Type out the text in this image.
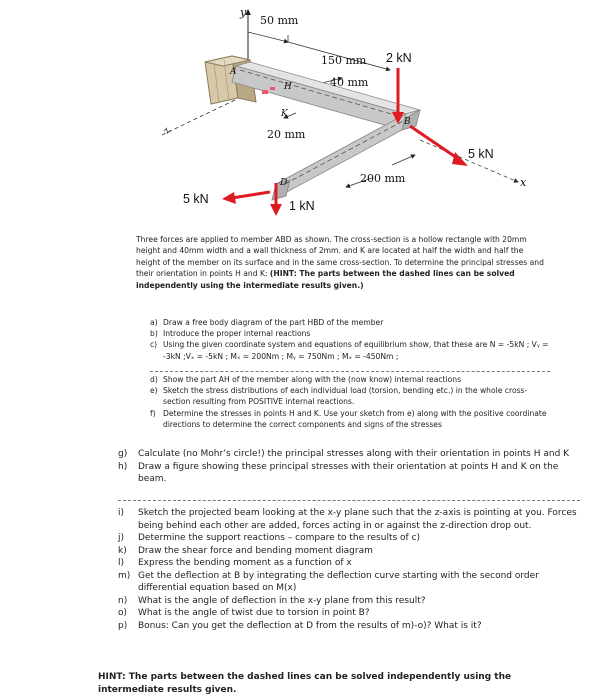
y
50 mm
150 mm
40 mm
20 mm
200 mm
A
H
K
B
D
z
x
2 kN
5 kN
5 kN	1 kN
Three forces are applied to member ABD as shown. The cross-section is a hollow rectangle with 20mm height and 40mm width and a wall thickness of 2mm. and K are located at half the width and half the height of the member on its surface and in the same cross-section. To determine the principal stresses and their orientation in points H and K: (HINT: The parts between the dashed lines can be solved independently using the intermediate results given.)
a) Draw a free body diagram of the part HBD of the member
b) Introduce the proper internal reactions
c) Using the given coordinate system and equations of equilibrium show, that these are N = -5kN ; Vᵧ = -3kN ;Vₓ = -5kN ; Mₓ = 200Nm ; Mᵧ = 750Nm ; Mₓ = -450Nm ;
d) Show the part AH of the member along with the (now know) internal reactions
e) Sketch the stress distributions of each individual load (torsion, bending etc.) in the whole cross-section resulting from POSITIVE internal reactions.
f) Determine the stresses in points H and K. Use your sketch from e) along with the positive coordinate directions to determine the correct components and signs of the stresses
g) Calculate (no Mohr’s circle!) the principal stresses along with their orientation in points H and K
h) Draw a figure showing these principal stresses with their orientation at points H and K on the beam.
i) Sketch the projected beam looking at the x-y plane such that the z-axis is pointing at you. Forces being behind each other are added, forces acting in or against the z-direction drop out.
j) Determine the support reactions – compare to the results of c)
k) Draw the shear force and bending moment diagram
l) Express the bending moment as a function of x
m) Get the deflection at B by integrating the deflection curve starting with the second order differential equation based on M(x)
n) What is the angle of deflection in the x-y plane from this result?
o) What is the angle of twist due to torsion in point B?
p) Bonus: Can you get the deflection at D from the results of m)-o)? What is it?
HINT: The parts between the dashed lines can be solved independently using the intermediate results given.
